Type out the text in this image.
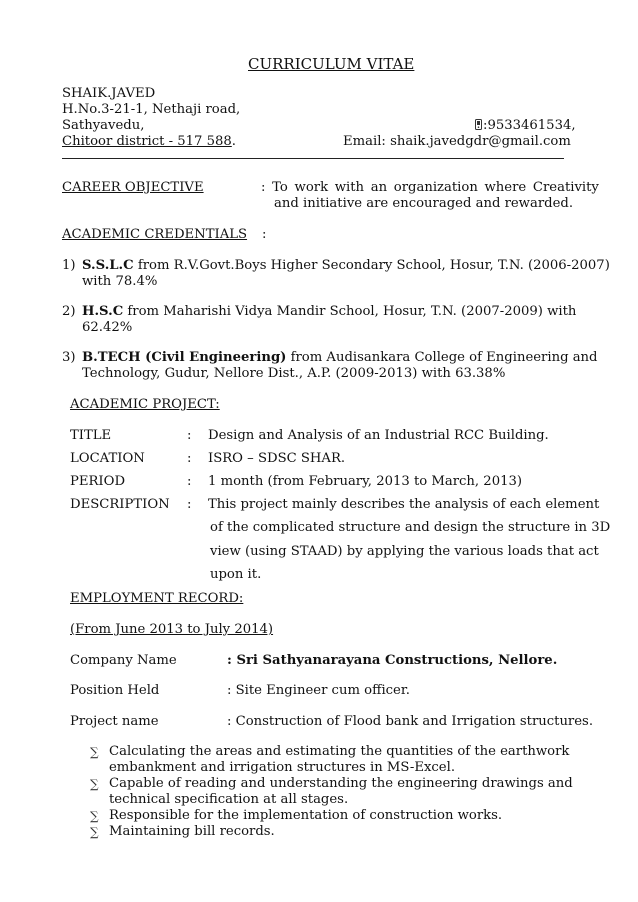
CURRICULUM VITAE
SHAIK.JAVED
H.No.3-21-1, Nethaji road,
Sathyavedu,
Chitoor district - 517 588.
:9533461534,
Email: shaik.javedgdr@gmail.com
CAREER OBJECTIVE	: To work with an organization where Creativity
and initiative are encouraged and rewarded.
ACADEMIC CREDENTIALS :
1) S.S.L.C from R.V.Govt.Boys Higher Secondary School, Hosur, T.N. (2006-2007)
with 78.4%
2) H.S.C from Maharishi Vidya Mandir School, Hosur, T.N. (2007-2009) with
62.42%
3) B.TECH (Civil Engineering) from Audisankara College of Engineering and
Technology, Gudur, Nellore Dist., A.P. (2009-2013) with 63.38%
ACADEMIC PROJECT:
TITLE	: Design and Analysis of an Industrial RCC Building.
LOCATION	: ISRO – SDSC SHAR.
PERIOD	: 1 month (from February, 2013 to March, 2013)
DESCRIPTION : This project mainly describes the analysis of each element
of the complicated structure and design the structure in 3D
view (using STAAD) by applying the various loads that act
upon it.
EMPLOYMENT RECORD:
(From June 2013 to July 2014)
Company Name	: Sri Sathyanarayana Constructions, Nellore.
Position Held	: Site Engineer cum officer.
Project name	: Construction of Flood bank and Irrigation structures.
∑ Calculating the areas and estimating the quantities of the earthwork
embankment and irrigation structures in MS-Excel.
∑ Capable of reading and understanding the engineering drawings and
technical specification at all stages.
∑ Responsible for the implementation of construction works.
∑ Maintaining bill records.
